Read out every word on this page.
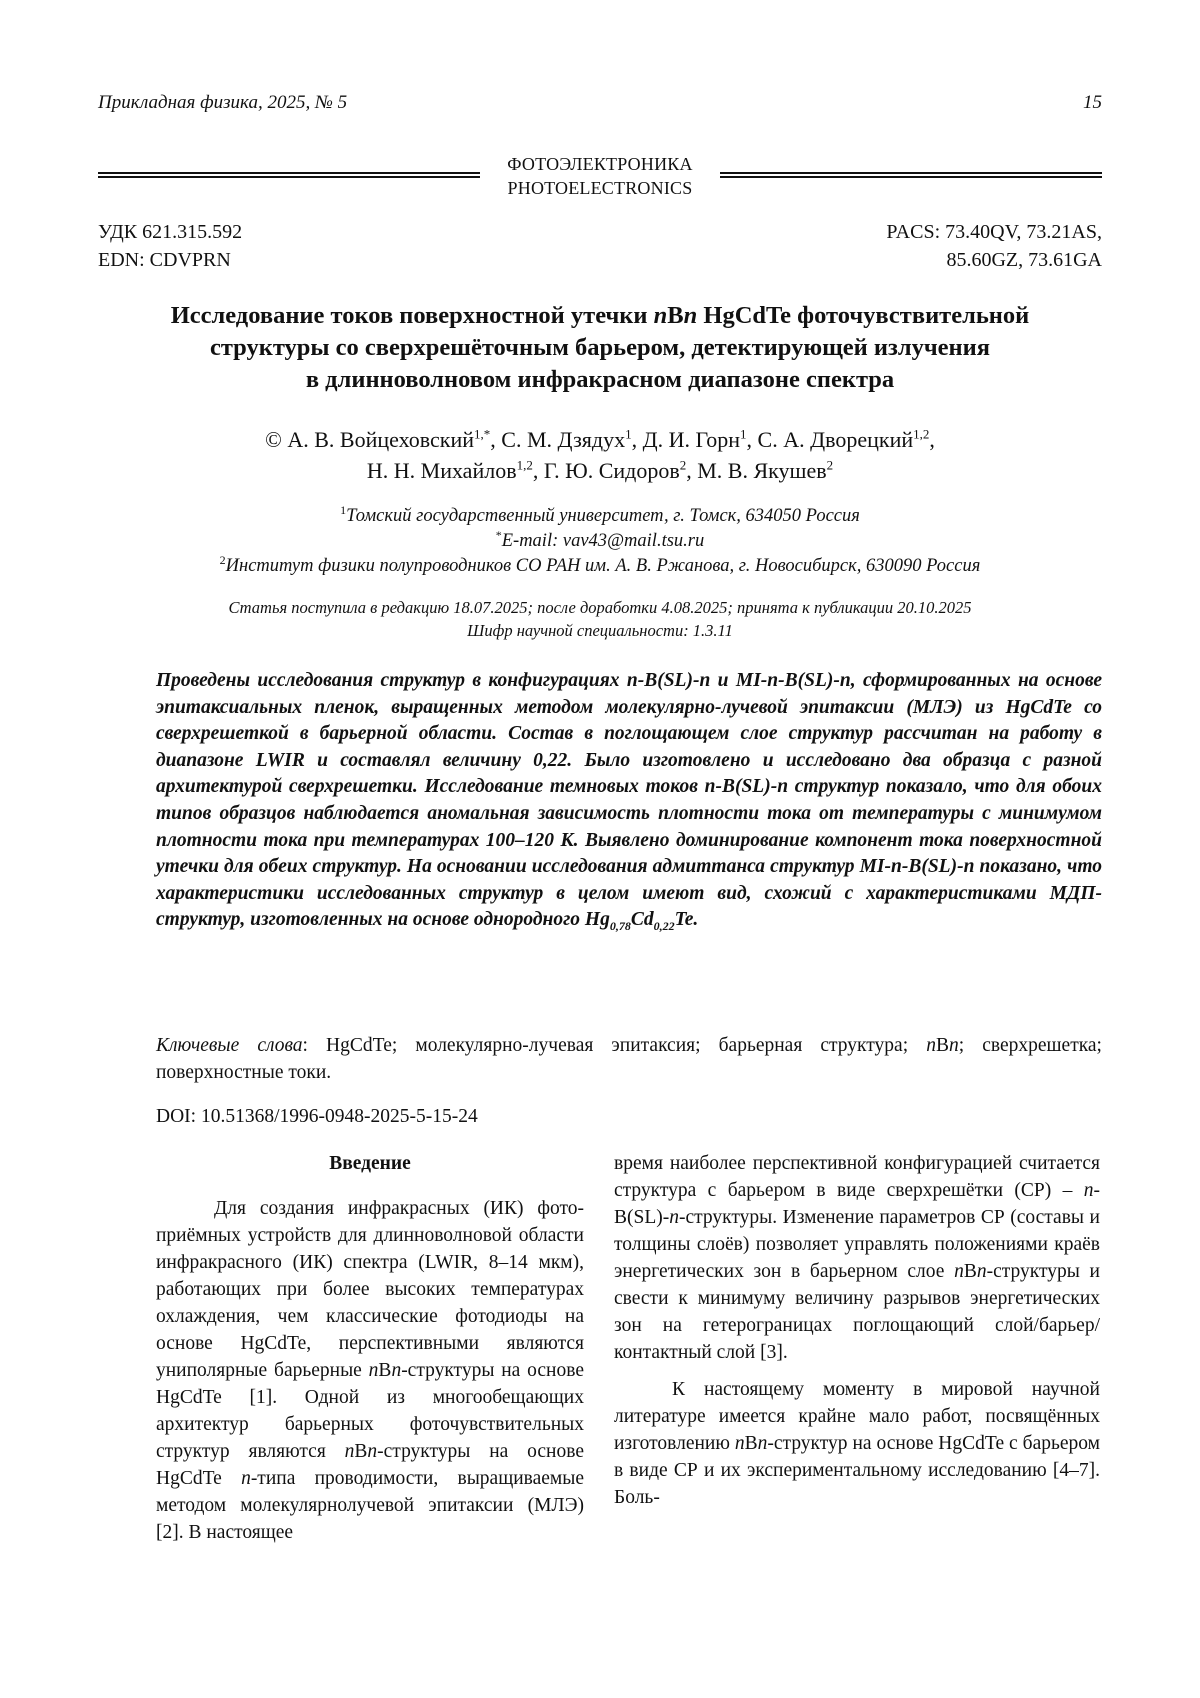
Прикладная физика, 2025, № 5	15
ФОТОЭЛЕКТРОНИКА
PHOTOELECTRONICS
УДК 621.315.592
EDN: CDVPRN
PACS: 73.40QV, 73.21AS,
85.60GZ, 73.61GA
Исследование токов поверхностной утечки nBn HgCdTe фоточувствительной
структуры со сверхрешёточным барьером, детектирующей излучения
в длинноволновом инфракрасном диапазоне спектра
© А. В. Войцеховский1,*, С. М. Дзядух1, Д. И. Горн1, С. А. Дворецкий1,2,
Н. Н. Михайлов1,2, Г. Ю. Сидоров2, М. В. Якушев2
1Томский государственный университет, г. Томск, 634050 Россия
*E-mail: vav43@mail.tsu.ru
2Институт физики полупроводников СО РАН им. А. В. Ржанова, г. Новосибирск, 630090 Россия
Статья поступила в редакцию 18.07.2025; после доработки 4.08.2025; принята к публикации 20.10.2025
Шифр научной специальности: 1.3.11
Проведены исследования структур в конфигурациях n-B(SL)-n и MI-n-B(SL)-n, сформированных на основе эпитаксиальных пленок, выращенных методом молекулярно-лучевой эпитаксии (МЛЭ) из HgCdTe со сверхрешеткой в барьерной области. Состав в поглощающем слое структур рассчитан на работу в диапазоне LWIR и составлял величину 0,22. Было изготовлено и исследовано два образца с разной архитектурой сверхрешетки. Исследование темновых токов n-B(SL)-n структур показало, что для обоих типов образцов наблюдается аномальная зависимость плотности тока от температуры с минимумом плотности тока при температурах 100–120 К. Выявлено доминирование компонент тока поверхностной утечки для обеих структур. На основании исследования адмиттанса структур MI-n-B(SL)-n показано, что характеристики исследованных структур в целом имеют вид, схожий с характеристиками МДП-структур, изготовленных на основе однородного Hg0,78Cd0,22Te.
Ключевые слова: HgCdTe; молекулярно-лучевая эпитаксия; барьерная структура; nBn; сверхрешетка; поверхностные токи.
DOI: 10.51368/1996-0948-2025-5-15-24
Введение

Для создания инфракрасных (ИК) фото­приёмных устройств для длинноволновой об­ласти инфракрасного (ИК) спектра (LWIR, 8–14 мкм), работающих при более высоких температурах охлаждения, чем классические фотодиоды на основе HgCdTe, перспектив­ными являются униполярные барьерные nBn-структуры на основе HgCdTe [1]. Одной из многообещающих архитектур барьерных фо­точувствительных структур являются nBn-структуры на основе HgCdTe n-типа проводи­мости, выращиваемые методом молекулярно­лучевой эпитаксии (МЛЭ) [2]. В настоящее

время наиболее перспективной конфигураци­ей считается структура с барьером в виде сверхрешётки (СР) – n-B(SL)-n-структуры. Изменение параметров СР (составы и толщи­ны слоёв) позволяет управлять положениями краёв энергетических зон в барьерном слое nBn-структуры и свести к минимуму величину разрывов энергетических зон на гетерограни­цах поглощающий слой/барьер/контактный слой [3].

К настоящему моменту в мировой науч­ной литературе имеется крайне мало работ, посвящённых изготовлению nBn-структур на основе HgCdTe с барьером в виде СР и их экс­периментальному исследованию [4–7]. Боль-
